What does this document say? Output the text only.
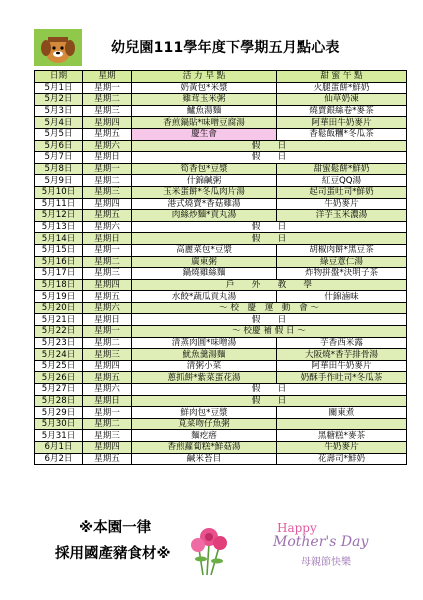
幼兒園111學年度下學期五月點心表
日期	星期	活 力 早 點	甜 蜜 午 點
5月1日	星期一	奶黃包*米漿	火腿蛋餅*鮮奶
5月2日	星期二	雞茸玉米粥	仙草奶凍
5月3日	星期三	鱸魚湯麵	燒賣銀絲卷*麥茶
5月4日	星期四	香煎鍋貼*味噌豆腐湯	阿華田牛奶麥片
5月5日	星期五	慶生會	香鬆飯糰*冬瓜茶
5月6日	星期六	假　　日	
5月7日	星期日	假　　日	
5月8日	星期一	筍香包*豆漿	甜蜜鬆餅*鮮奶
5月9日	星期二	什錦鹹粥	紅豆QQ湯
5月10日	星期三	玉米蛋餅*冬瓜肉片湯	起司蛋吐司*鮮奶
5月11日	星期四	港式燒賣*香菇雞湯	牛奶麥片
5月12日	星期五	肉絲炒麵*貢丸湯	洋芋玉米濃湯
5月13日	星期六	假　　日	
5月14日	星期日	假　　日	
5月15日	星期一	高麗菜包*豆漿	胡椒肉餅*黑豆茶
5月16日	星期二	廣東粥	綠豆薏仁湯
5月17日	星期三	鍋燒雞絲麵	炸物拼盤*決明子茶
5月18日	星期四	戶　　外　　教　　學	
5月19日	星期五	水餃*蔬瓜貢丸湯	什錦滷味
5月20日	星期六	～ 校　慶　運　動　會 ～	
5月21日	星期日	假　　日	
5月22日	星期一	～ 校慶 補 假 日 ～	
5月23日	星期二	清蒸肉圓*味噌湯	芋香西米露
5月24日	星期三	魷魚羹湯麵	大阪燒*香芋排骨湯
5月25日	星期四	清粥小菜	阿華田牛奶麥片
5月26日	星期五	蔥抓餅*紫菜蛋花湯	奶酥手作吐司*冬瓜茶
5月27日	星期六	假　　日	
5月28日	星期日	假　　日	
5月29日	星期一	鮮肉包*豆漿	關東煮
5月30日	星期二	莧菜吻仔魚粥	
5月31日	星期三	麵疙瘩	黑糖糕*麥茶
6月1日	星期四	香煎蘿蔔糕*鮮菇湯	牛奶麥片
6月2日	星期五	鹹米苔目	花壽司*鮮奶
※本園一律
採用國產豬食材※
Happy
Mother's Day
母親節快樂
